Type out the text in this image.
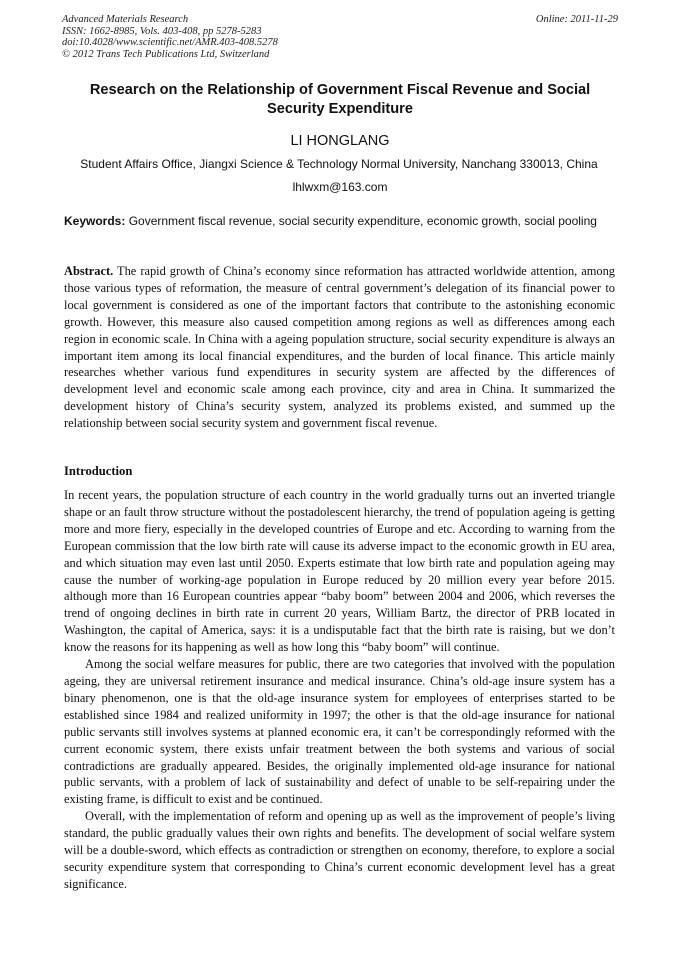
Advanced Materials Research
ISSN: 1662-8985, Vols. 403-408, pp 5278-5283
doi:10.4028/www.scientific.net/AMR.403-408.5278
© 2012 Trans Tech Publications Ltd, Switzerland
Online: 2011-11-29
Research on the Relationship of Government Fiscal Revenue and Social Security Expenditure
LI HONGLANG
Student Affairs Office, Jiangxi Science & Technology Normal University, Nanchang 330013, China
lhlwxm@163.com
Keywords: Government fiscal revenue, social security expenditure, economic growth, social pooling

Abstract. The rapid growth of China’s economy since reformation has attracted worldwide attention, among those various types of reformation, the measure of central government’s delegation of its financial power to local government is considered as one of the important factors that contribute to the astonishing economic growth. However, this measure also caused competition among regions as well as differences among each region in economic scale. In China with a ageing population structure, social security expenditure is always an important item among its local financial expenditures, and the burden of local finance. This article mainly researches whether various fund expenditures in security system are affected by the differences of development level and economic scale among each province, city and area in China. It summarized the development history of China’s security system, analyzed its problems existed, and summed up the relationship between social security system and government fiscal revenue.

Introduction

In recent years, the population structure of each country in the world gradually turns out an inverted triangle shape or an fault throw structure without the postadolescent hierarchy, the trend of population ageing is getting more and more fiery, especially in the developed countries of Europe and etc. According to warning from the European commission that the low birth rate will cause its adverse impact to the economic growth in EU area, and which situation may even last until 2050. Experts estimate that low birth rate and population ageing may cause the number of working-age population in Europe reduced by 20 million every year before 2015. although more than 16 European countries appear “baby boom” between 2004 and 2006, which reverses the trend of ongoing declines in birth rate in current 20 years, William Bartz, the director of PRB located in Washington, the capital of America, says: it is a undisputable fact that the birth rate is raising, but we don’t know the reasons for its happening as well as how long this “baby boom” will continue.

Among the social welfare measures for public, there are two categories that involved with the population ageing, they are universal retirement insurance and medical insurance. China’s old-age insure system has a binary phenomenon, one is that the old-age insurance system for employees of enterprises started to be established since 1984 and realized uniformity in 1997; the other is that the old-age insurance for national public servants still involves systems at planned economic era, it can’t be correspondingly reformed with the current economic system, there exists unfair treatment between the both systems and various of social contradictions are gradually appeared. Besides, the originally implemented old-age insurance for national public servants, with a problem of lack of sustainability and defect of unable to be self-repairing under the existing frame, is difficult to exist and be continued.

Overall, with the implementation of reform and opening up as well as the improvement of people’s living standard, the public gradually values their own rights and benefits. The development of social welfare system will be a double-sword, which effects as contradiction or strengthen on economy, therefore, to explore a social security expenditure system that corresponding to China’s current economic development level has a great significance.
